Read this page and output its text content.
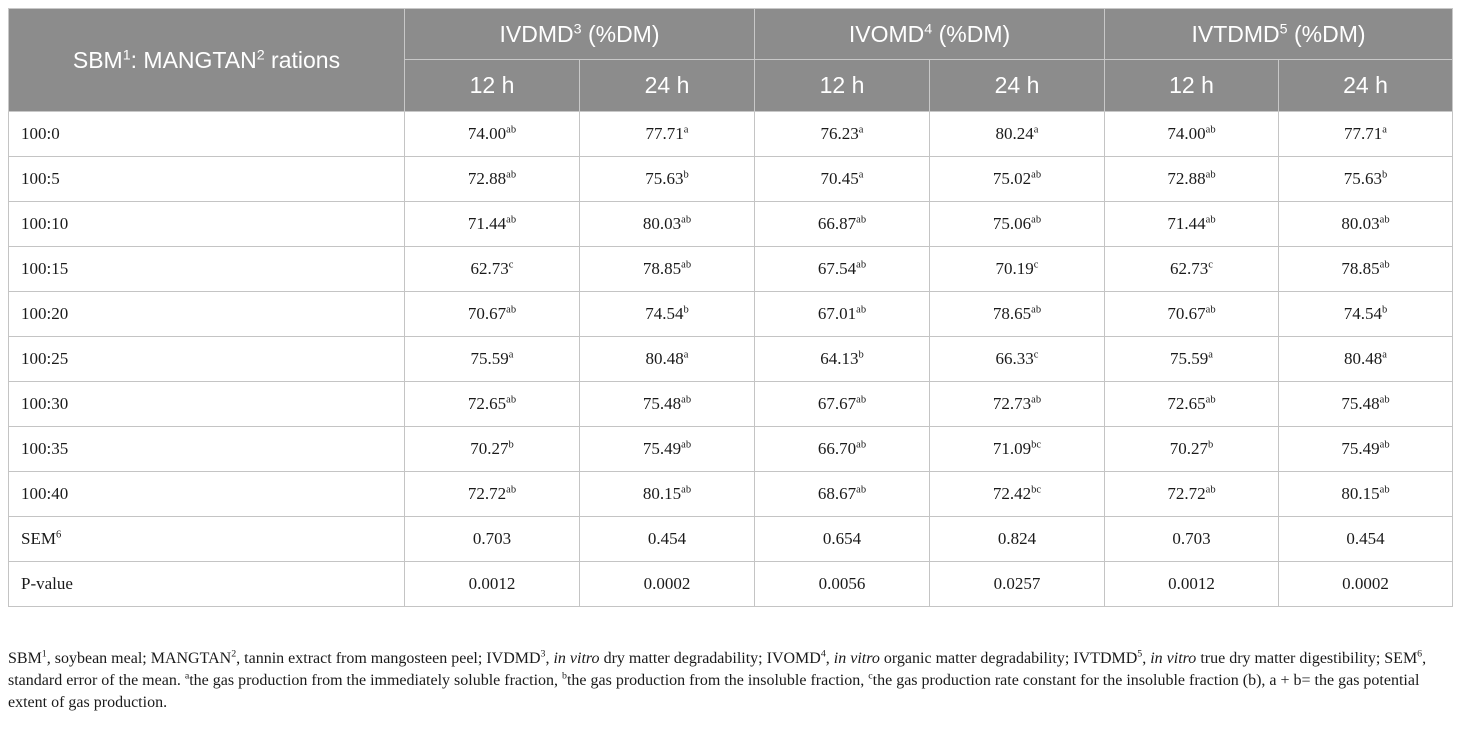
SBM$^1$: MANGTAN$^2$ rations	IVDMD$^3$ (%DM)		IVOMD$^4$ (%DM)		IVTDMD$^5$ (%DM)	
	12 h	24 h	12 h	24 h	12 h	24 h
100:0	74.00$^{ab}$	77.71$^a$	76.23$^a$	80.24$^a$	74.00$^{ab}$	77.71$^a$
100:5	72.88$^{ab}$	75.63$^b$	70.45$^a$	75.02$^{ab}$	72.88$^{ab}$	75.63$^b$
100:10	71.44$^{ab}$	80.03$^{ab}$	66.87$^{ab}$	75.06$^{ab}$	71.44$^{ab}$	80.03$^{ab}$
100:15	62.73$^c$	78.85$^{ab}$	67.54$^{ab}$	70.19$^c$	62.73$^c$	78.85$^{ab}$
100:20	70.67$^{ab}$	74.54$^b$	67.01$^{ab}$	78.65$^{ab}$	70.67$^{ab}$	74.54$^b$
100:25	75.59$^a$	80.48$^a$	64.13$^b$	66.33$^c$	75.59$^a$	80.48$^a$
100:30	72.65$^{ab}$	75.48$^{ab}$	67.67$^{ab}$	72.73$^{ab}$	72.65$^{ab}$	75.48$^{ab}$
100:35	70.27$^b$	75.49$^{ab}$	66.70$^{ab}$	71.09$^{bc}$	70.27$^b$	75.49$^{ab}$
100:40	72.72$^{ab}$	80.15$^{ab}$	68.67$^{ab}$	72.42$^{bc}$	72.72$^{ab}$	80.15$^{ab}$
SEM$^6$	0.703	0.454	0.654	0.824	0.703	0.454
P-value	0.0012	0.0002	0.0056	0.0257	0.0012	0.0002

SBM$^1$, soybean meal; MANGTAN$^2$, tannin extract from mangosteen peel; IVDMD$^3$, in vitro dry matter degradability; IVOMD$^4$, in vitro organic matter degradability; IVTDMD$^5$, in vitro true dry matter digestibility; SEM$^6$, standard error of the mean. $^a$the gas production from the immediately soluble fraction, $^b$the gas production from the insoluble fraction, $^c$the gas production rate constant for the insoluble fraction (b), a + b= the gas potential extent of gas production.
